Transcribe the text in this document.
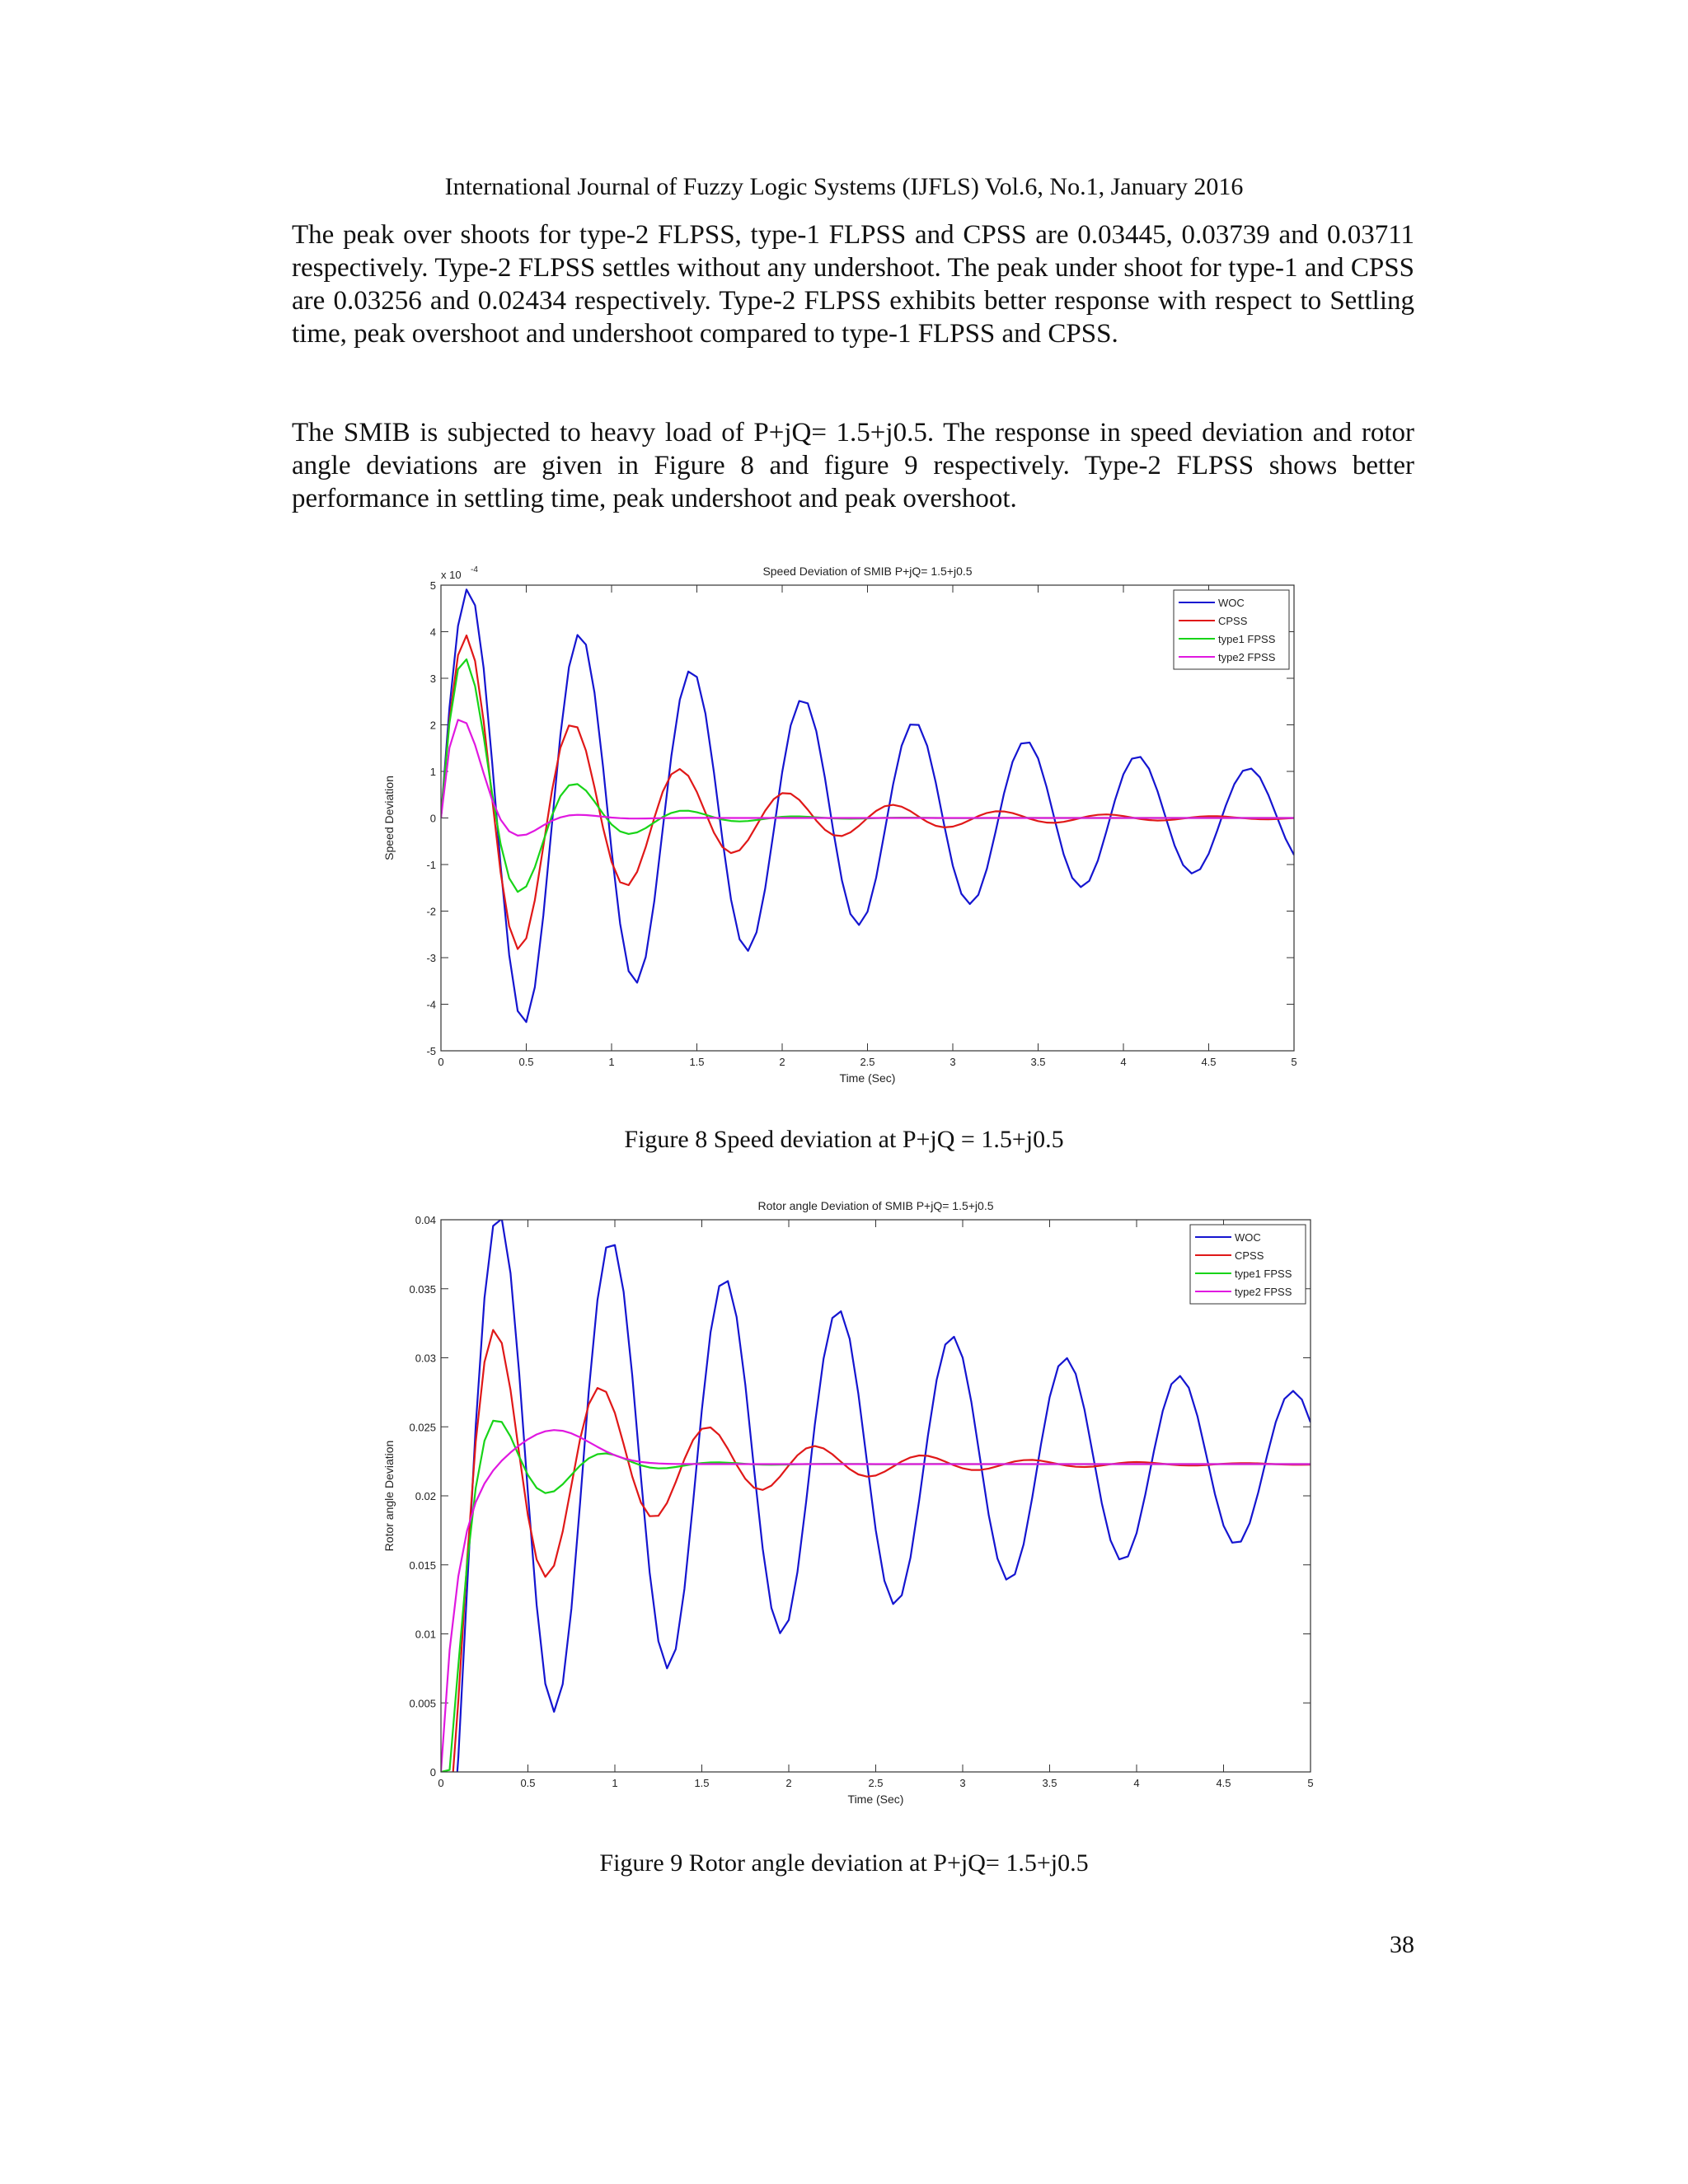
International Journal of Fuzzy Logic Systems (IJFLS) Vol.6, No.1, January 2016

The peak over shoots for type-2 FLPSS, type-1 FLPSS and CPSS are 0.03445, 0.03739 and 0.03711 respectively. Type-2 FLPSS settles without any undershoot. The peak under shoot for type-1 and CPSS are 0.03256 and 0.02434 respectively. Type-2 FLPSS exhibits better response with respect to Settling time, peak overshoot and undershoot compared to type-1 FLPSS and CPSS.

The SMIB is subjected to heavy load of P+jQ= 1.5+j0.5. The response in speed deviation and rotor angle deviations are given in Figure 8 and figure 9 respectively. Type-2 FLPSS shows better performance in settling time, peak undershoot and peak overshoot.

Speed Deviation of SMIB P+jQ= 1.5+j0.5
0	0.5	1	1.5	2	2.5	3	3.5	4	4.5	5
-5
-4
-3
-2
-1
0
1
2
3
4
5
Time (Sec)
Speed Deviation
x 10 -4
WOC
CPSS
type1 FPSS
type2 FPSS
Figure 8 Speed deviation at P+jQ = 1.5+j0.5
Rotor angle Deviation of SMIB P+jQ= 1.5+j0.5
0	0.5	1	1.5	2	2.5	3	3.5	4	4.5	5
0
0.005
0.01
0.015
0.02
0.025
0.03
0.035
0.04
Time (Sec)
Rotor angle Deviation
WOC
CPSS
type1 FPSS
type2 FPSS
Figure 9 Rotor angle deviation at P+jQ= 1.5+j0.5
38
